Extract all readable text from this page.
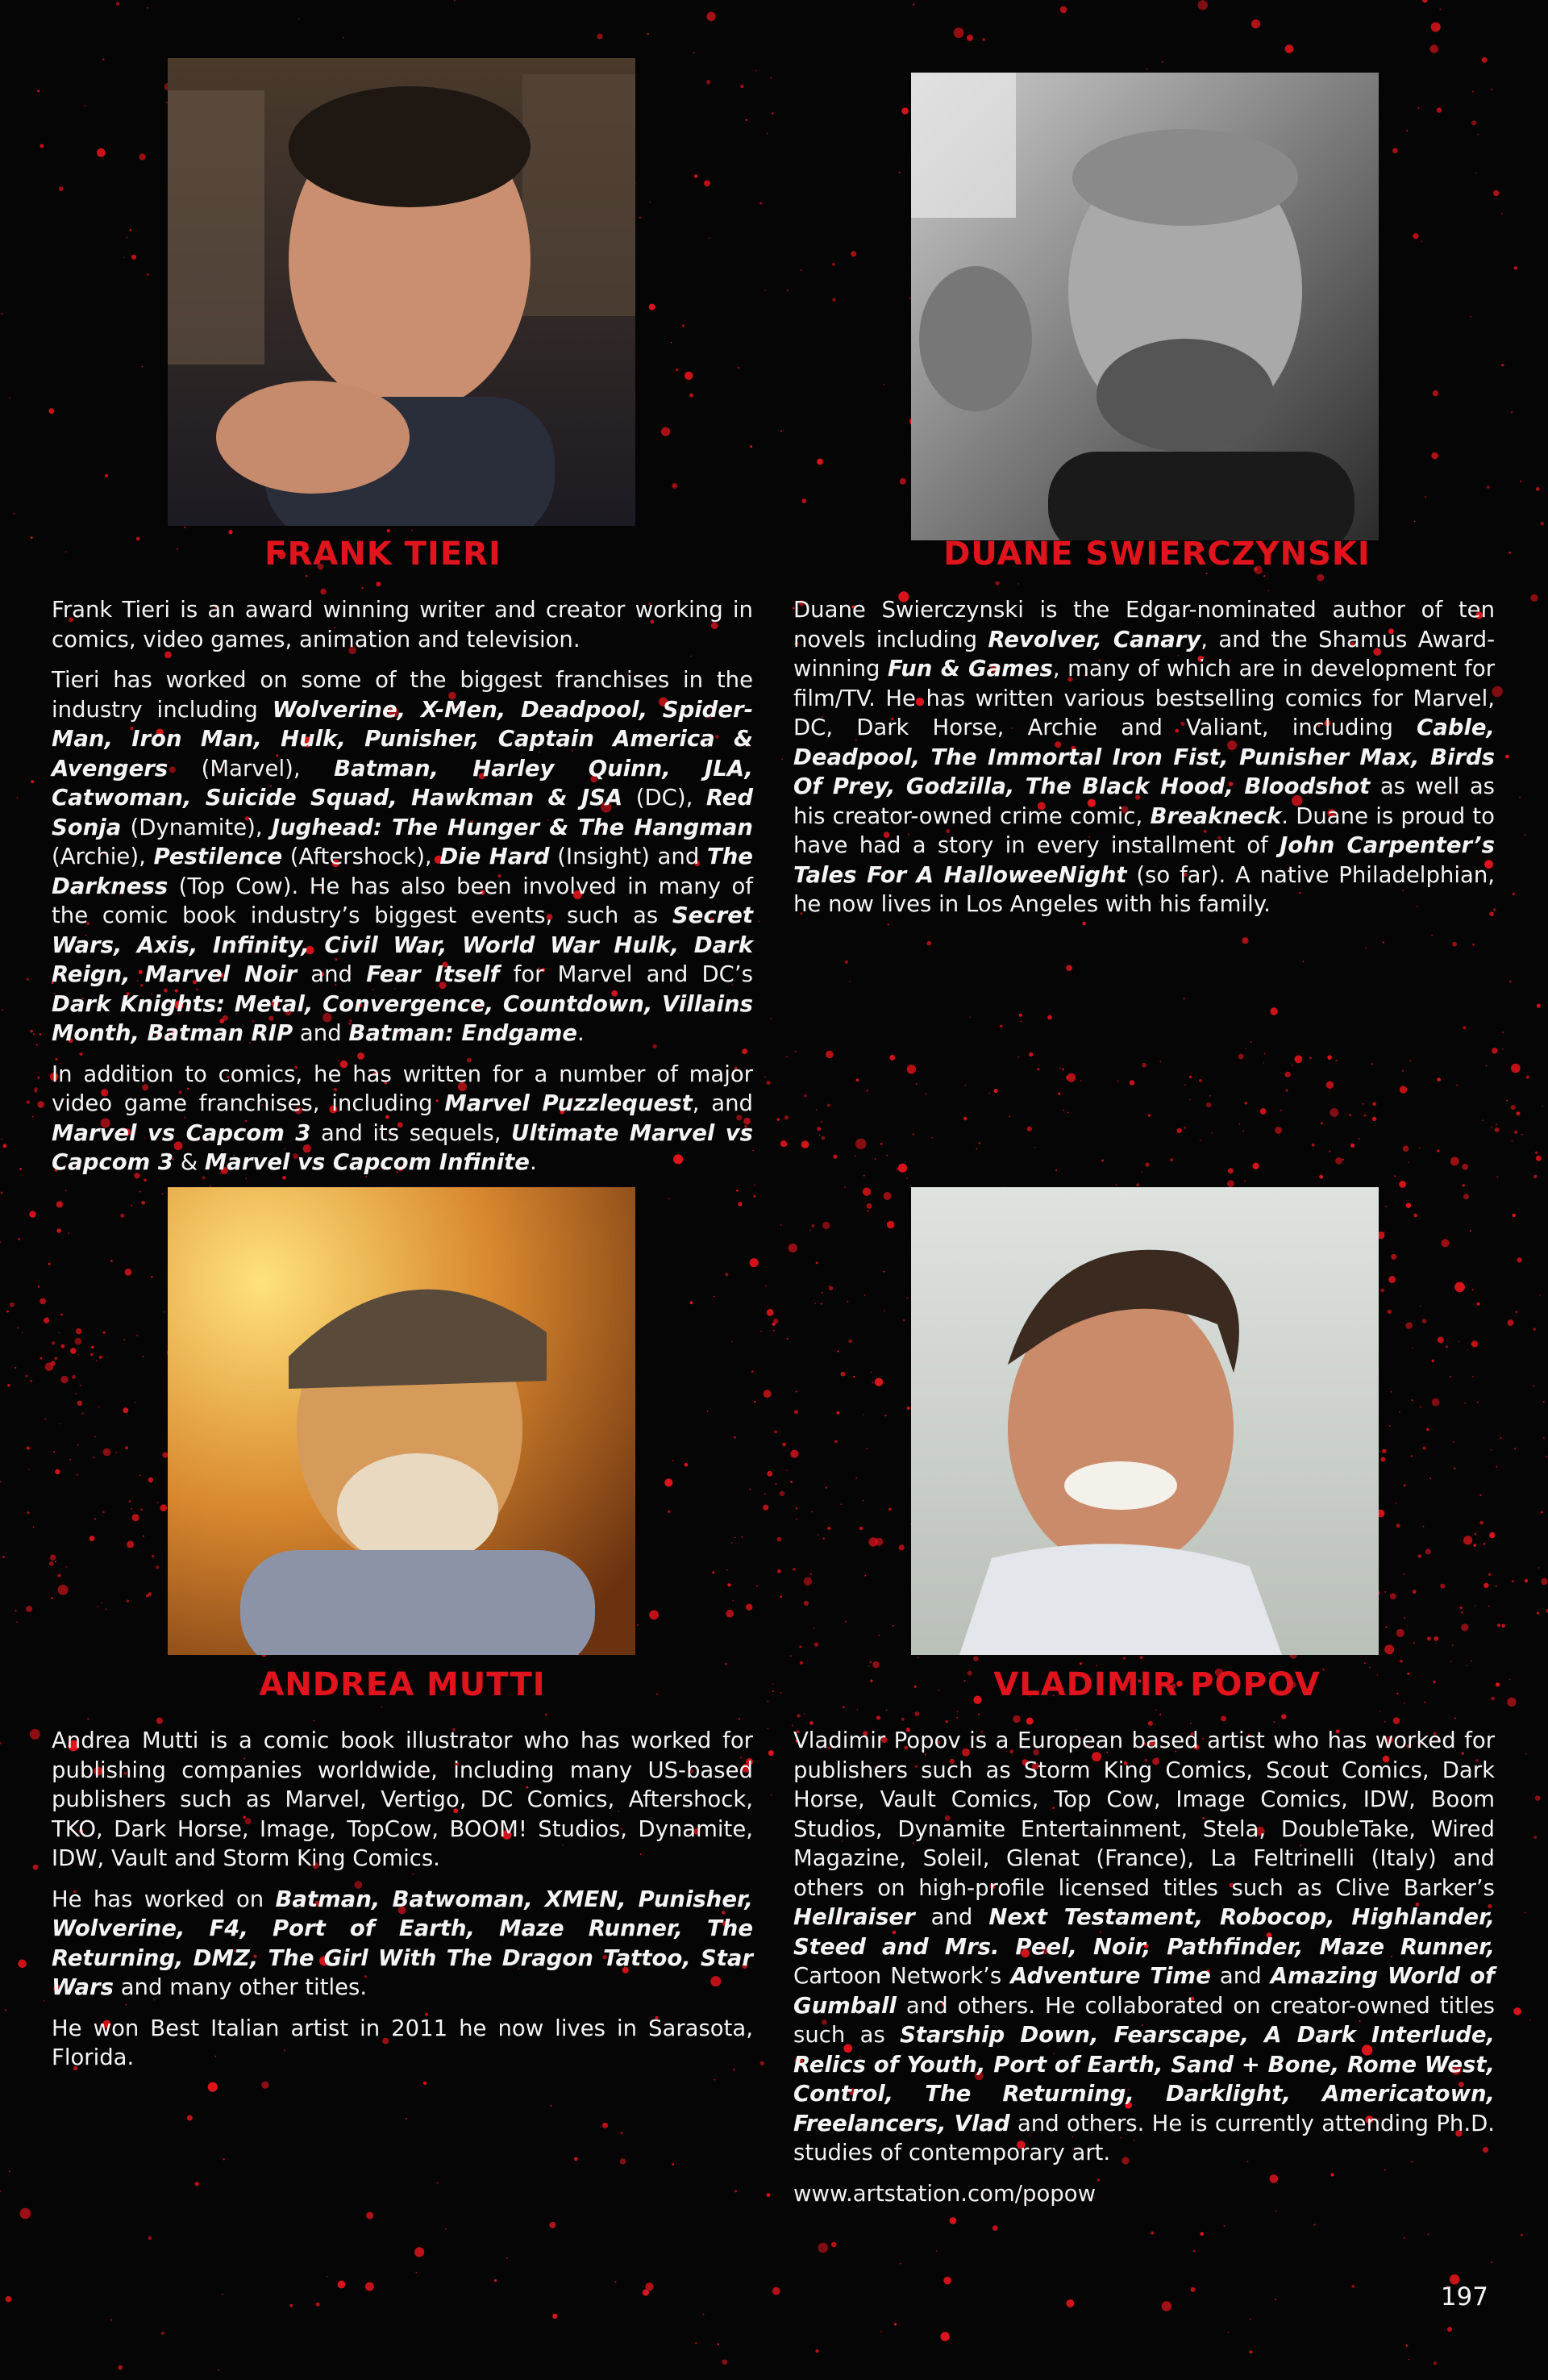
FRANK TIERI

Frank Tieri is an award winning writer and creator working in comics, video games, animation and television.

Tieri has worked on some of the biggest franchises in the industry including Wolverine, X-Men, Deadpool, Spider-Man, Iron Man, Hulk, Punisher, Captain America & Avengers (Marvel), Batman, Harley Quinn, JLA, Catwoman, Suicide Squad, Hawkman & JSA (DC), Red Sonja (Dynamite), Jughead: The Hunger & The Hangman (Archie), Pestilence (Aftershock), Die Hard (Insight) and The Darkness (Top Cow). He has also been involved in many of the comic book industry’s biggest events, such as Secret Wars, Axis, Infinity, Civil War, World War Hulk, Dark Reign, Marvel Noir and Fear Itself for Marvel and DC’s Dark Knights: Metal, Convergence, Countdown, Villains Month, Batman RIP and Batman: Endgame.

In addition to comics, he has written for a number of major video game franchises, including Marvel Puzzlequest, and Marvel vs Capcom 3 and its sequels, Ultimate Marvel vs Capcom 3 & Marvel vs Capcom Infinite.

DUANE SWIERCZYNSKI

Duane Swierczynski is the Edgar-nominated author of ten novels including Revolver, Canary, and the Shamus Award-winning Fun & Games, many of which are in development for film/TV. He has written various bestselling comics for Marvel, DC, Dark Horse, Archie and Valiant, including Cable, Deadpool, The Immortal Iron Fist, Punisher Max, Birds Of Prey, Godzilla, The Black Hood, Bloodshot as well as his creator-owned crime comic, Breakneck. Duane is proud to have had a story in every installment of John Carpenter’s Tales For A HalloweeNight (so far). A native Philadelphian, he now lives in Los Angeles with his family.

ANDREA MUTTI

Andrea Mutti is a comic book illustrator who has worked for publishing companies worldwide, including many US-based publishers such as Marvel, Vertigo, DC Comics, Aftershock, TKO, Dark Horse, Image, TopCow, BOOM! Studios, Dynamite, IDW, Vault and Storm King Comics.

He has worked on Batman, Batwoman, XMEN, Punisher, Wolverine, F4, Port of Earth, Maze Runner, The Returning, DMZ, The Girl With The Dragon Tattoo, Star Wars and many other titles.

He won Best Italian artist in 2011 he now lives in Sarasota, Florida.

VLADIMIR POPOV

Vladimir Popov is a European based artist who has worked for publishers such as Storm King Comics, Scout Comics, Dark Horse, Vault Comics, Top Cow, Image Comics, IDW, Boom Studios, Dynamite Entertainment, Stela, DoubleTake, Wired Magazine, Soleil, Glenat (France), La Feltrinelli (Italy) and others on high-profile licensed titles such as Clive Barker’s Hellraiser and Next Testament, Robocop, Highlander, Steed and Mrs. Peel, Noir, Pathfinder, Maze Runner, Cartoon Network’s Adventure Time and Amazing World of Gumball and others. He collaborated on creator-owned titles such as Starship Down, Fearscape, A Dark Interlude, Relics of Youth, Port of Earth, Sand + Bone, Rome West, Control, The Returning, Darklight, Americatown, Freelancers, Vlad and others. He is currently attending Ph.D. studies of contemporary art.

www.artstation.com/popow
197
